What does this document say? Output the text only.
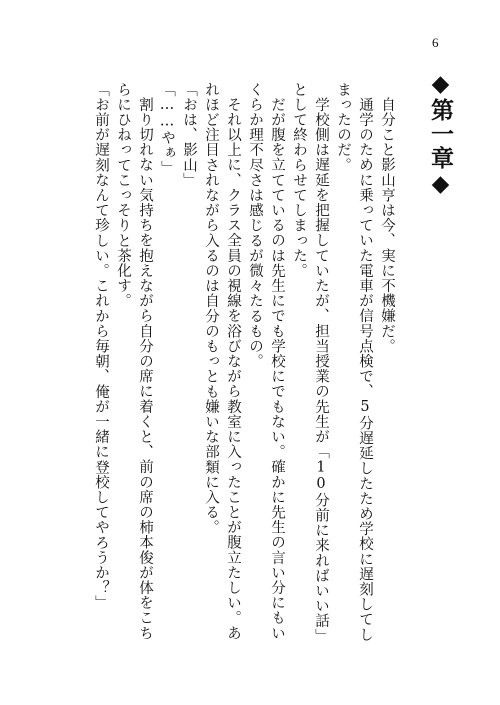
6
◆第一章◆

自分こと影山亨は今、実に不機嫌だ。

通学のために乗っていた電車が信号点検で、5分遅延したため学校に遅刻してしまったのだ。

学校側は遅延を把握していたが、担当授業の先生が「10分前に来ればいい話」として終わらせてしまった。

だが腹を立てているのは先生にでも学校にでもない。確かに先生の言い分にもいくらか理不尽さは感じるが微々たるもの。

それ以上に、クラス全員の視線を浴びながら教室に入ったことが腹立たしい。あれほど注目されながら入るのは自分のもっとも嫌いな部類に入る。

「おは、影山」

「……やぁ」

割り切れない気持ちを抱えながら自分の席に着くと、前の席の柿本俊が体をこちらにひねってこっそりと茶化す。

「お前が遅刻なんて珍しい。これから毎朝、俺が一緒に登校してやろうか？」
